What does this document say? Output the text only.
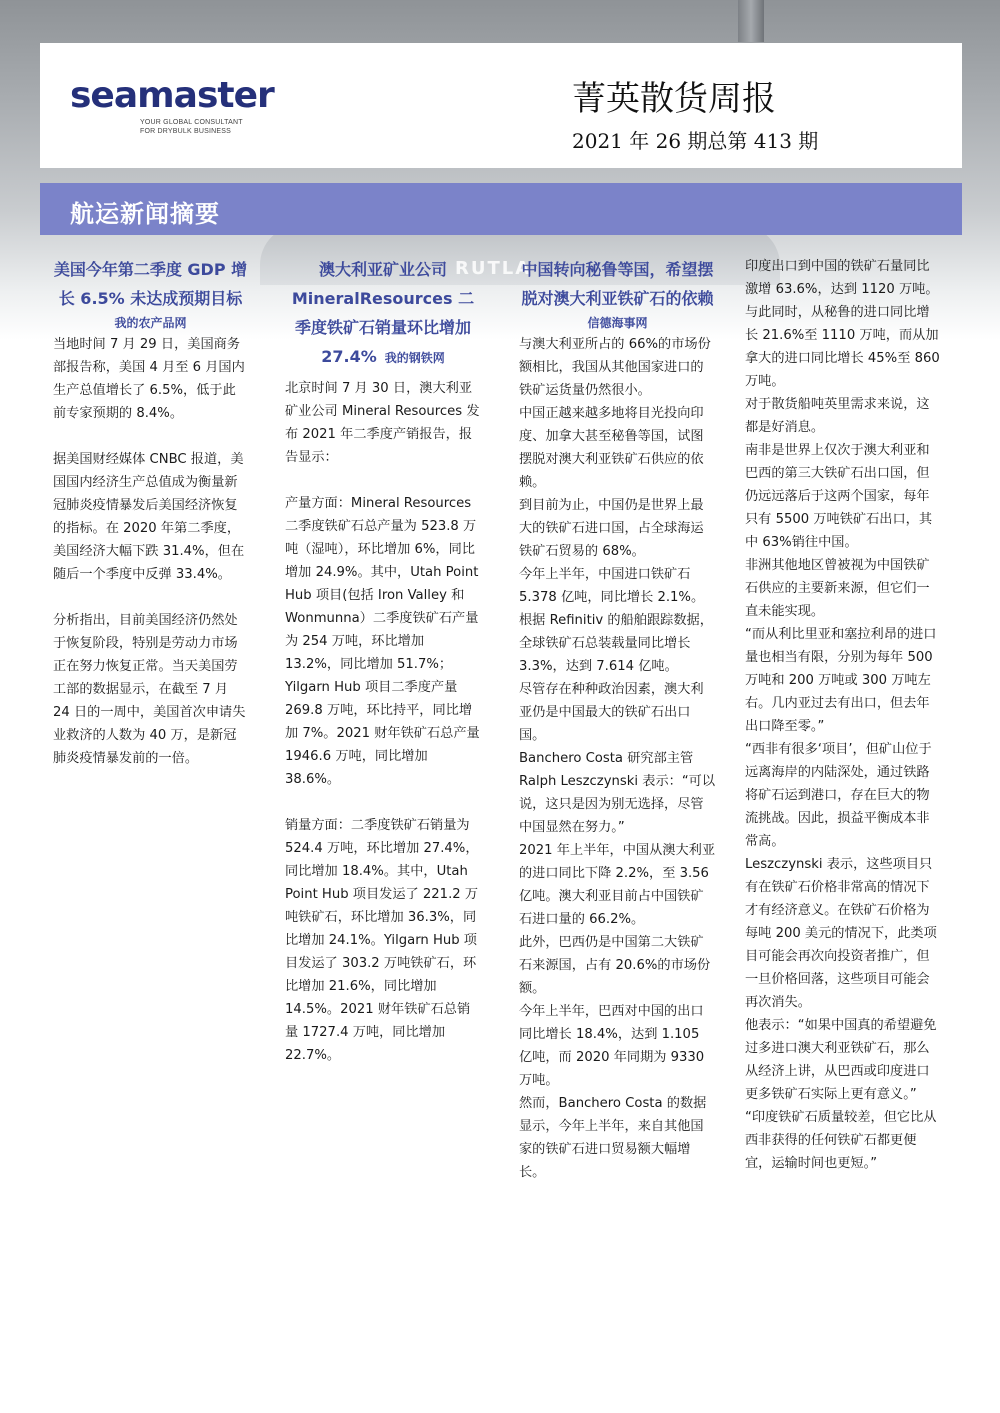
RUTLA
seamaster
YOUR GLOBAL CONSULTANT
FOR DRYBULK BUSINESS
菁英散货周报
2021 年 26 期总第 413 期
航运新闻摘要
美国今年第二季度 GDP 增长 6.5% 未达成预期目标
我的农产品网

当地时间 7 月 29 日，美国商务部报告称，美国 4 月至 6 月国内生产总值增长了 6.5%，低于此前专家预期的 8.4%。

据美国财经媒体 CNBC 报道，美国国内经济生产总值成为衡量新冠肺炎疫情暴发后美国经济恢复的指标。在 2020 年第二季度，美国经济大幅下跌 31.4%，但在随后一个季度中反弹 33.4%。

分析指出，目前美国经济仍然处于恢复阶段，特别是劳动力市场正在努力恢复正常。当天美国劳工部的数据显示，在截至 7 月 24 日的一周中，美国首次申请失业救济的人数为 40 万，是新冠肺炎疫情暴发前的一倍。

澳大利亚矿业公司 MineralResources 二季度铁矿石销量环比增加 27.4% 我的钢铁网

北京时间 7 月 30 日，澳大利亚矿业公司 Mineral Resources 发布 2021 年二季度产销报告，报告显示：

产量方面：Mineral Resources 二季度铁矿石总产量为 523.8 万吨（湿吨），环比增加 6%，同比增加 24.9%。其中，Utah Point Hub 项目(包括 Iron Valley 和 Wonmunna）二季度铁矿石产量为 254 万吨，环比增加 13.2%，同比增加 51.7%；Yilgarn Hub 项目二季度产量 269.8 万吨，环比持平，同比增加 7%。2021 财年铁矿石总产量 1946.6 万吨，同比增加 38.6%。

销量方面：二季度铁矿石销量为 524.4 万吨，环比增加 27.4%，同比增加 18.4%。其中，Utah Point Hub 项目发运了 221.2 万吨铁矿石，环比增加 36.3%，同比增加 24.1%。Yilgarn Hub 项目发运了 303.2 万吨铁矿石，环比增加 21.6%，同比增加 14.5%。2021 财年铁矿石总销量 1727.4 万吨，同比增加 22.7%。

中国转向秘鲁等国，希望摆脱对澳大利亚铁矿石的依赖
信德海事网

与澳大利亚所占的 66%的市场份额相比，我国从其他国家进口的铁矿运货量仍然很小。

中国正越来越多地将目光投向印度、加拿大甚至秘鲁等国，试图摆脱对澳大利亚铁矿石供应的依赖。

到目前为止，中国仍是世界上最大的铁矿石进口国，占全球海运铁矿石贸易的 68%。

今年上半年，中国进口铁矿石 5.378 亿吨，同比增长 2.1%。根据 Refinitiv 的船舶跟踪数据，全球铁矿石总装载量同比增长 3.3%，达到 7.614 亿吨。

尽管存在种种政治因素，澳大利亚仍是中国最大的铁矿石出口国。

Banchero Costa 研究部主管 Ralph Leszczynski 表示：“可以说，这只是因为别无选择，尽管中国显然在努力。”

2021 年上半年，中国从澳大利亚的进口同比下降 2.2%，至 3.56 亿吨。澳大利亚目前占中国铁矿石进口量的 66.2%。

此外，巴西仍是中国第二大铁矿石来源国，占有 20.6%的市场份额。

今年上半年，巴西对中国的出口同比增长 18.4%，达到 1.105 亿吨，而 2020 年同期为 9330 万吨。

然而，Banchero Costa 的数据显示，今年上半年，来自其他国家的铁矿石进口贸易额大幅增长。

印度出口到中国的铁矿石量同比激增 63.6%，达到 1120 万吨。与此同时，从秘鲁的进口同比增长 21.6%至 1110 万吨，而从加拿大的进口同比增长 45%至 860 万吨。

对于散货船吨英里需求来说，这都是好消息。

南非是世界上仅次于澳大利亚和巴西的第三大铁矿石出口国，但仍远远落后于这两个国家，每年只有 5500 万吨铁矿石出口，其中 63%销往中国。

非洲其他地区曾被视为中国铁矿石供应的主要新来源，但它们一直未能实现。

“而从利比里亚和塞拉利昂的进口量也相当有限，分别为每年 500 万吨和 200 万吨或 300 万吨左右。几内亚过去有出口，但去年出口降至零。”

“西非有很多‘项目’，但矿山位于远离海岸的内陆深处，通过铁路将矿石运到港口，存在巨大的物流挑战。因此，损益平衡成本非常高。

Leszczynski 表示，这些项目只有在铁矿石价格非常高的情况下才有经济意义。在铁矿石价格为每吨 200 美元的情况下，此类项目可能会再次向投资者推广，但一旦价格回落，这些项目可能会再次消失。

他表示：“如果中国真的希望避免过多进口澳大利亚铁矿石，那么从经济上讲，从巴西或印度进口更多铁矿石实际上更有意义。”

“印度铁矿石质量较差，但它比从西非获得的任何铁矿石都更便宜，运输时间也更短。”
